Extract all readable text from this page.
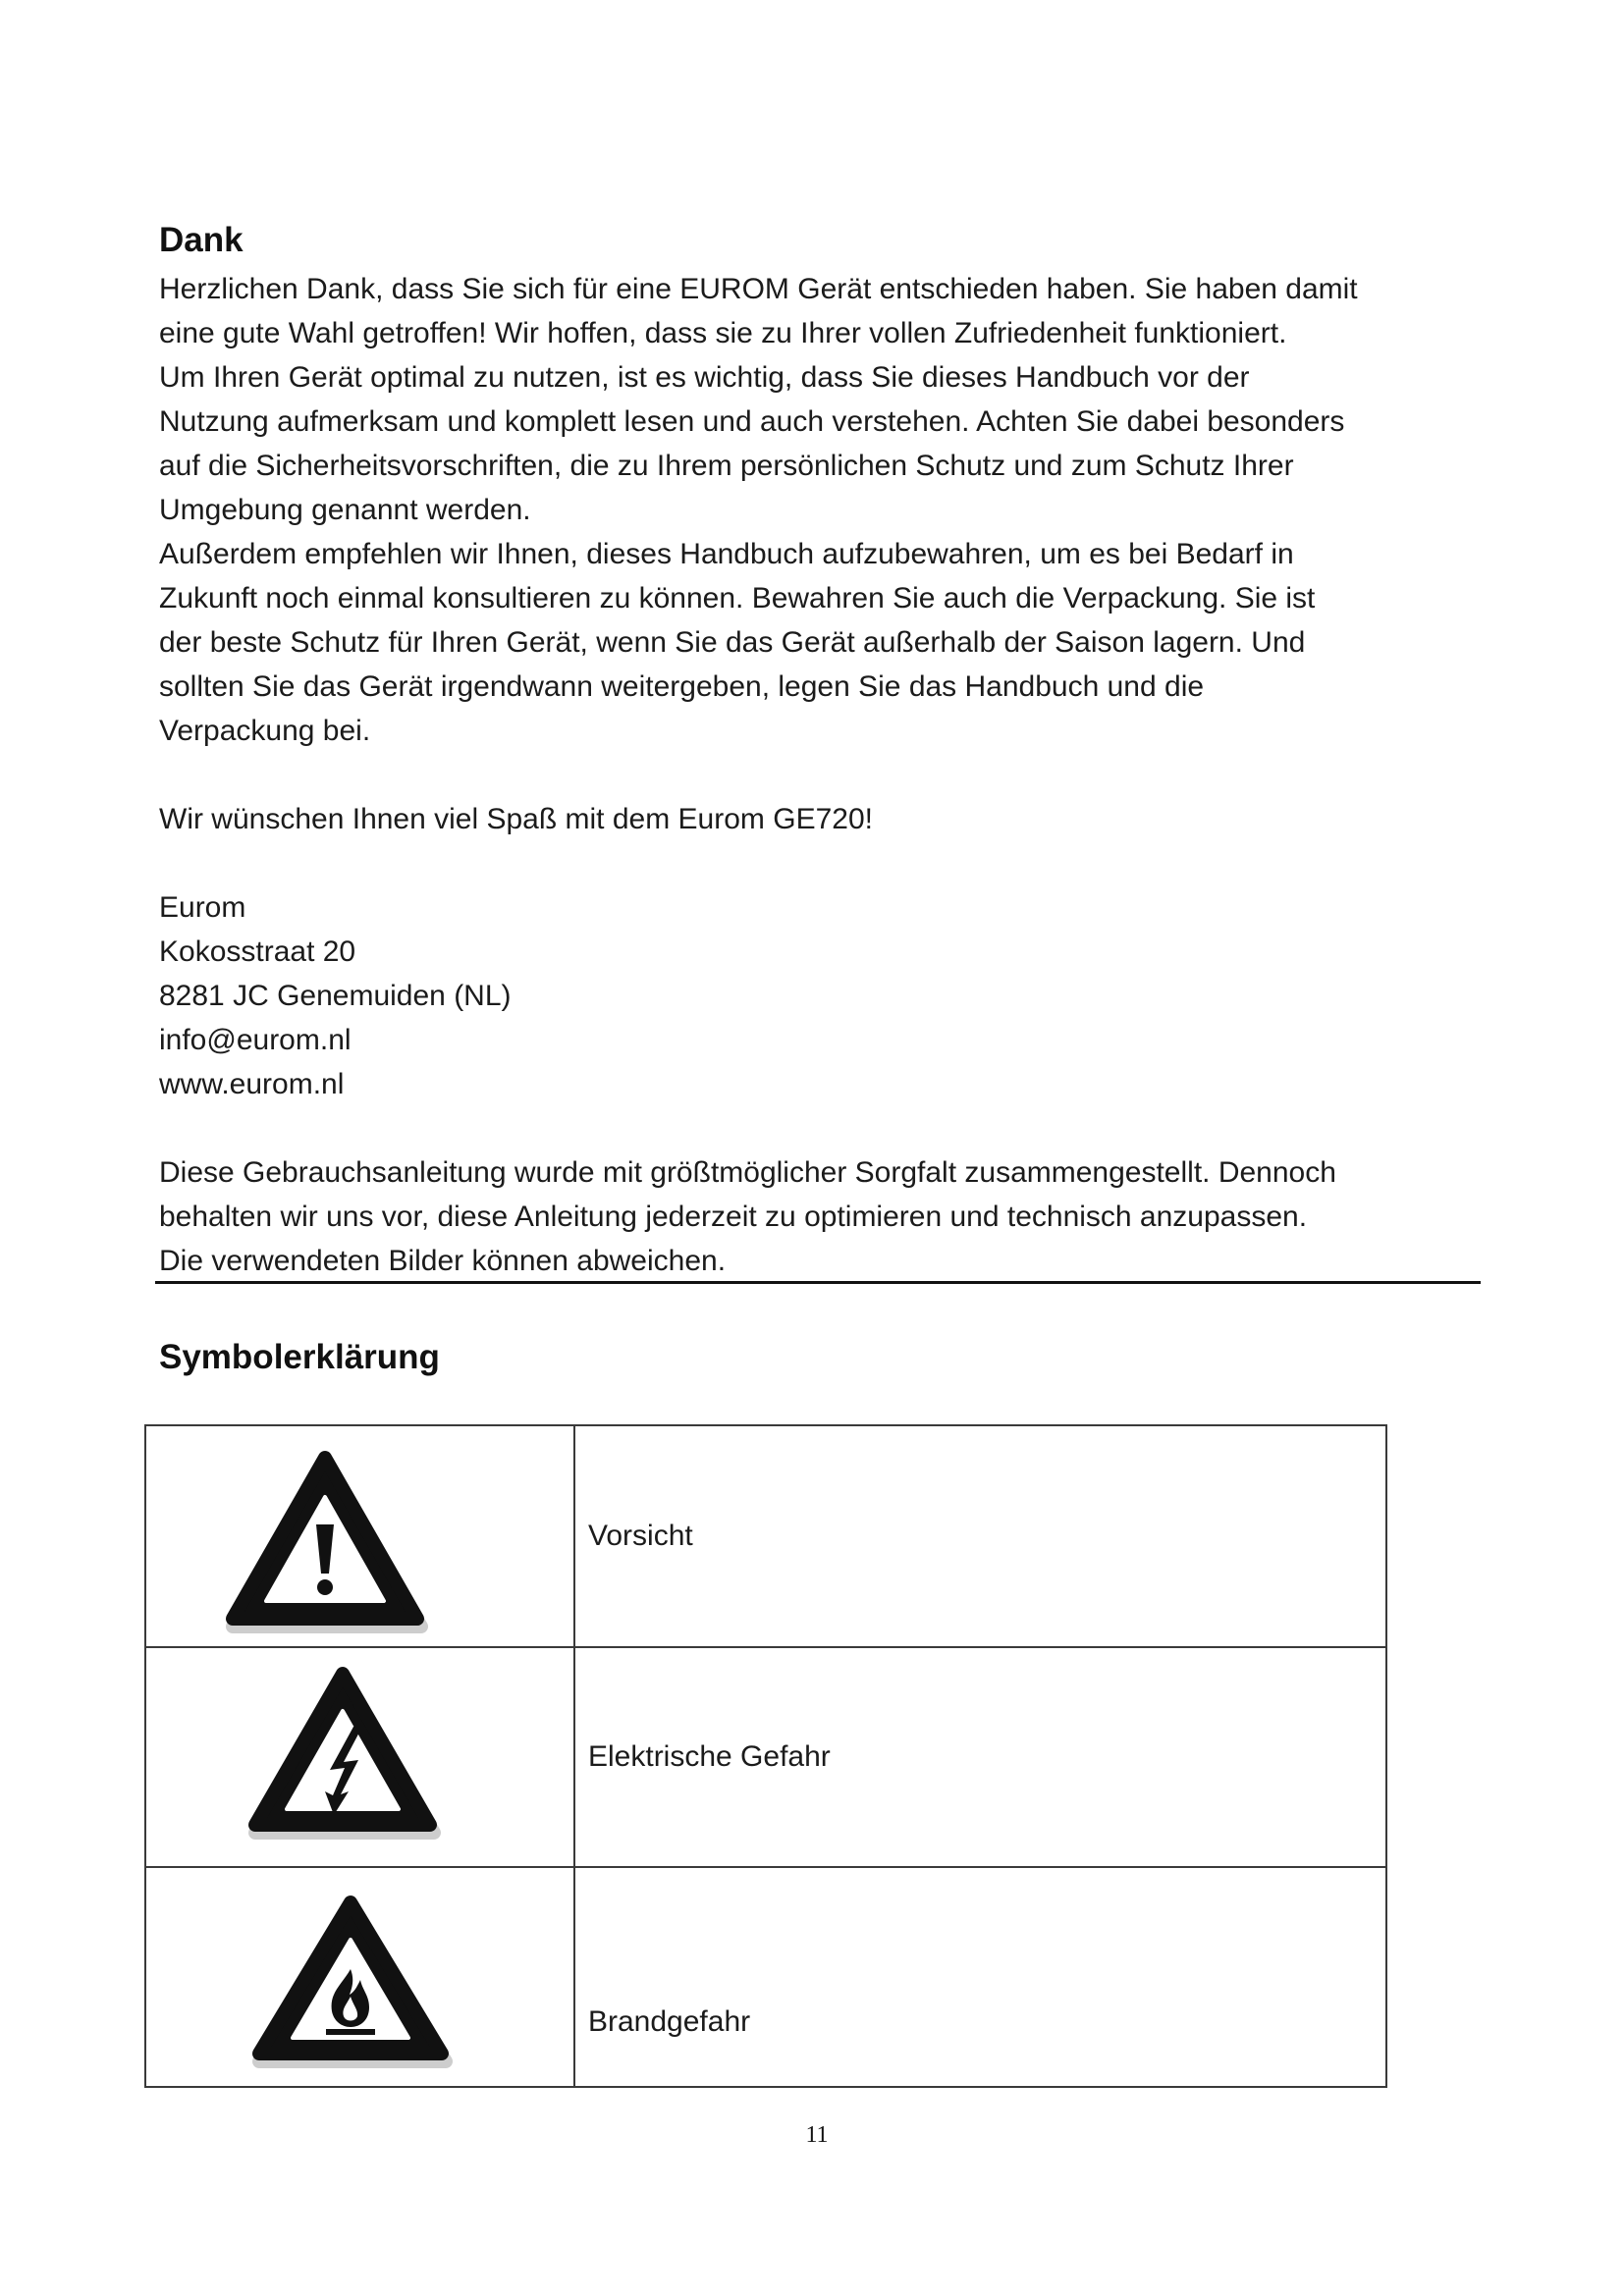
Dank

Herzlichen Dank, dass Sie sich für eine EUROM Gerät entschieden haben. Sie haben damit
eine gute Wahl getroffen! Wir hoffen, dass sie zu Ihrer vollen Zufriedenheit funktioniert.
Um Ihren Gerät optimal zu nutzen, ist es wichtig, dass Sie dieses Handbuch vor der
Nutzung aufmerksam und komplett lesen und auch verstehen. Achten Sie dabei besonders
auf die Sicherheitsvorschriften, die zu Ihrem persönlichen Schutz und zum Schutz Ihrer
Umgebung genannt werden.

Außerdem empfehlen wir Ihnen, dieses Handbuch aufzubewahren, um es bei Bedarf in
Zukunft noch einmal konsultieren zu können. Bewahren Sie auch die Verpackung. Sie ist
der beste Schutz für Ihren Gerät, wenn Sie das Gerät außerhalb der Saison lagern. Und
sollten Sie das Gerät irgendwann weitergeben, legen Sie das Handbuch und die
Verpackung bei.

Wir wünschen Ihnen viel Spaß mit dem Eurom GE720!

Eurom
Kokosstraat 20
8281 JC Genemuiden (NL)
info@eurom.nl
www.eurom.nl

Diese Gebrauchsanleitung wurde mit größtmöglicher Sorgfalt zusammengestellt. Dennoch
behalten wir uns vor, diese Anleitung jederzeit zu optimieren und technisch anzupassen.
Die verwendeten Bilder können abweichen.

Symbolerklärung
Vorsicht
Elektrische Gefahr
Brandgefahr
11
